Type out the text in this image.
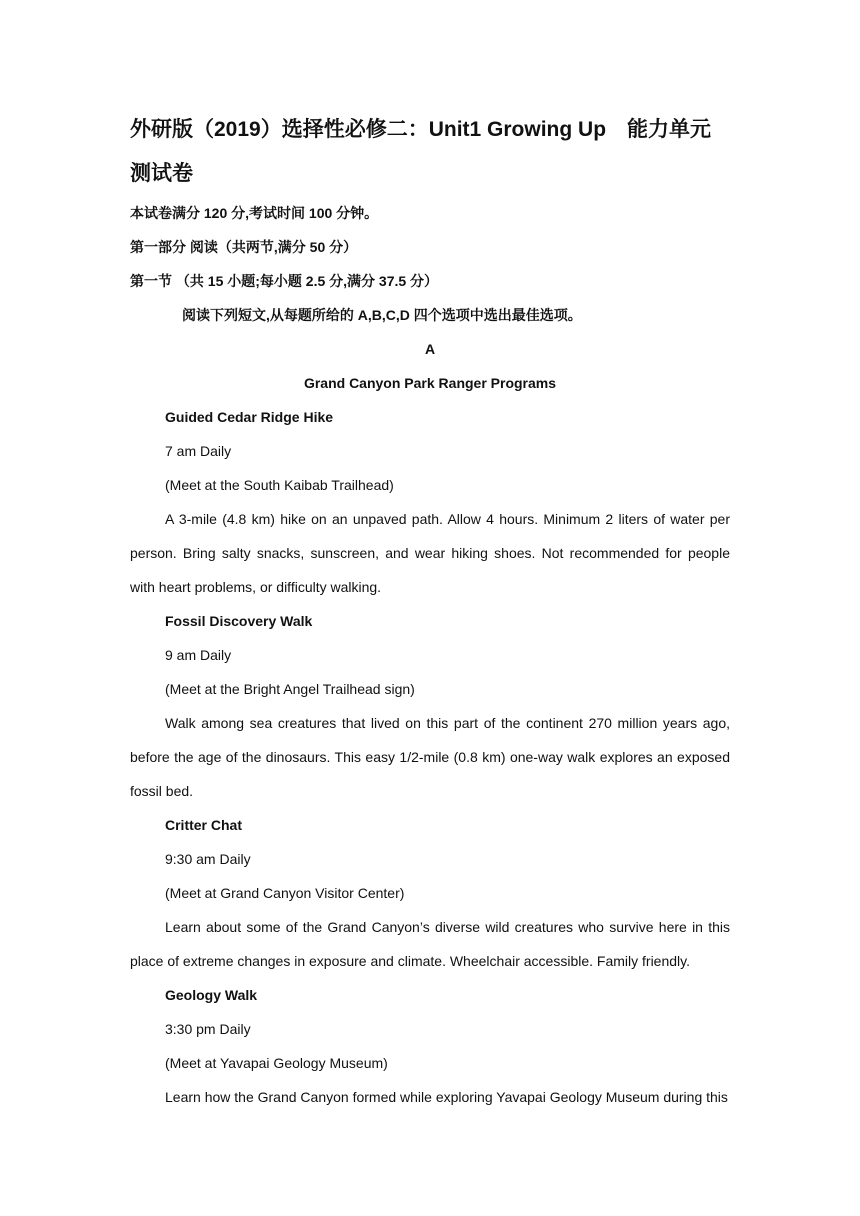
外研版（2019）选择性必修二：Unit1 Growing Up　能力单元测试卷

本试卷满分 120 分,考试时间 100 分钟。

第一部分 阅读（共两节,满分 50 分）

第一节 （共 15 小题;每小题 2.5 分,满分 37.5 分）

阅读下列短文,从每题所给的 A,B,C,D 四个选项中选出最佳选项。

A

Grand Canyon Park Ranger Programs

Guided Cedar Ridge Hike

7 am Daily

(Meet at the South Kaibab Trailhead)

A 3-mile (4.8 km) hike on an unpaved path. Allow 4 hours. Minimum 2 liters of water per person. Bring salty snacks, sunscreen, and wear hiking shoes. Not recommended for people with heart problems, or difficulty walking.

Fossil Discovery Walk

9 am Daily

(Meet at the Bright Angel Trailhead sign)

Walk among sea creatures that lived on this part of the continent 270 million years ago, before the age of the dinosaurs. This easy 1/2-mile (0.8 km) one-way walk explores an exposed fossil bed.

Critter Chat

9:30 am Daily

(Meet at Grand Canyon Visitor Center)

Learn about some of the Grand Canyon’s diverse wild creatures who survive here in this place of extreme changes in exposure and climate. Wheelchair accessible. Family friendly.

Geology Walk

3:30 pm Daily

(Meet at Yavapai Geology Museum)

Learn how the Grand Canyon formed while exploring Yavapai Geology Museum during this
